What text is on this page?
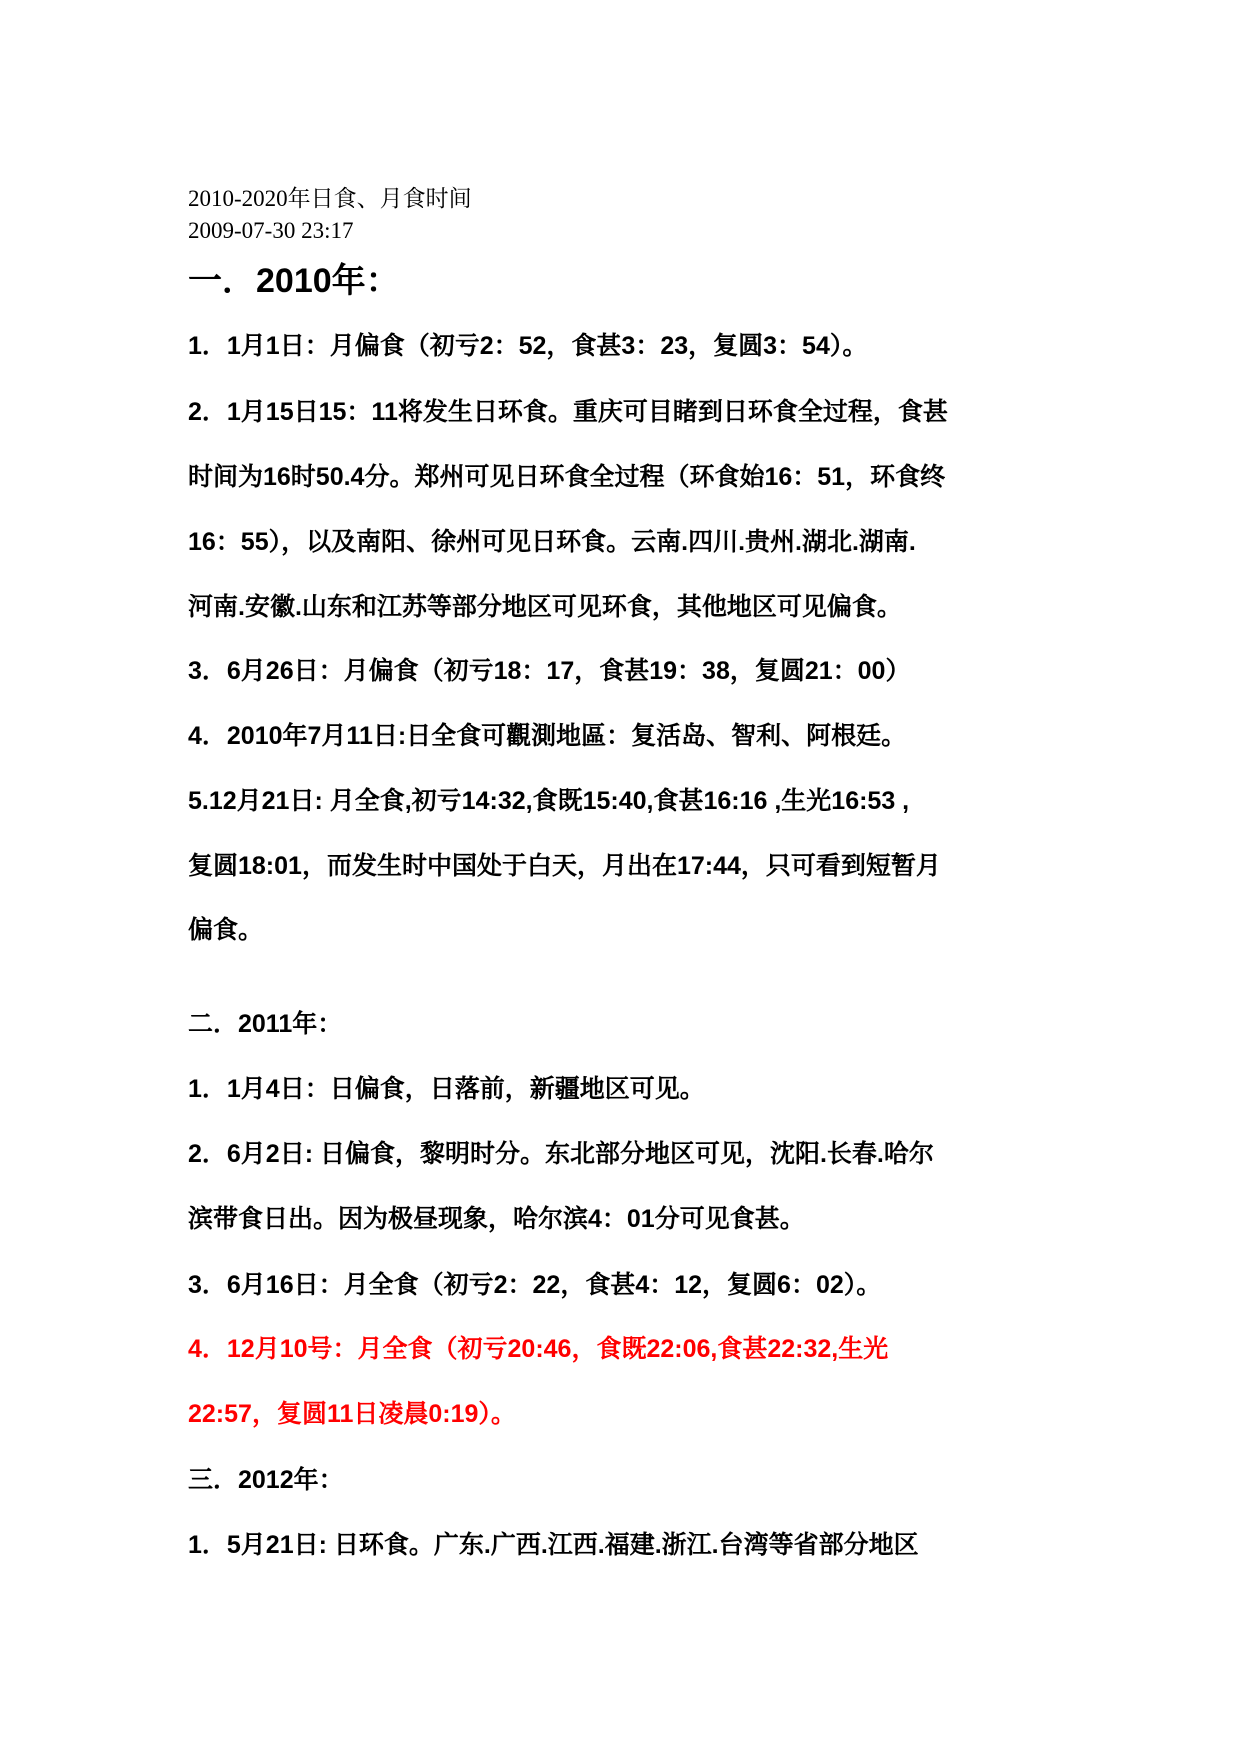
2010-2020年日食、月食时间
2009-07-30 23:17
一．2010年：
1．1月1日：月偏食（初亏2：52，食甚3：23，复圆3：54）。
2．1月15日15：11将发生日环食。重庆可目睹到日环食全过程，食甚
时间为16时50.4分。郑州可见日环食全过程（环食始16：51，环食终
16：55），以及南阳、徐州可见日环食。云南.四川.贵州.湖北.湖南.
河南.安徽.山东和江苏等部分地区可见环食，其他地区可见偏食。
3．6月26日：月偏食（初亏18：17，食甚19：38，复圆21：00）
4．2010年7月11日:日全食可觀測地區：复活岛、智利、阿根廷。
5.12月21日: 月全食,初亏14:32,食既15:40,食甚16:16 ,生光16:53 ,
复圆18:01，而发生时中国处于白天，月出在17:44，只可看到短暂月
偏食。
二．2011年：
1．1月4日：日偏食，日落前，新疆地区可见。
2．6月2日: 日偏食，黎明时分。东北部分地区可见，沈阳.长春.哈尔
滨带食日出。因为极昼现象，哈尔滨4：01分可见食甚。
3．6月16日：月全食（初亏2：22，食甚4：12，复圆6：02）。
4．12月10号：月全食（初亏20:46，食既22:06,食甚22:32,生光
22:57，复圆11日凌晨0:19）。
三．2012年：
1．5月21日: 日环食。广东.广西.江西.福建.浙江.台湾等省部分地区
